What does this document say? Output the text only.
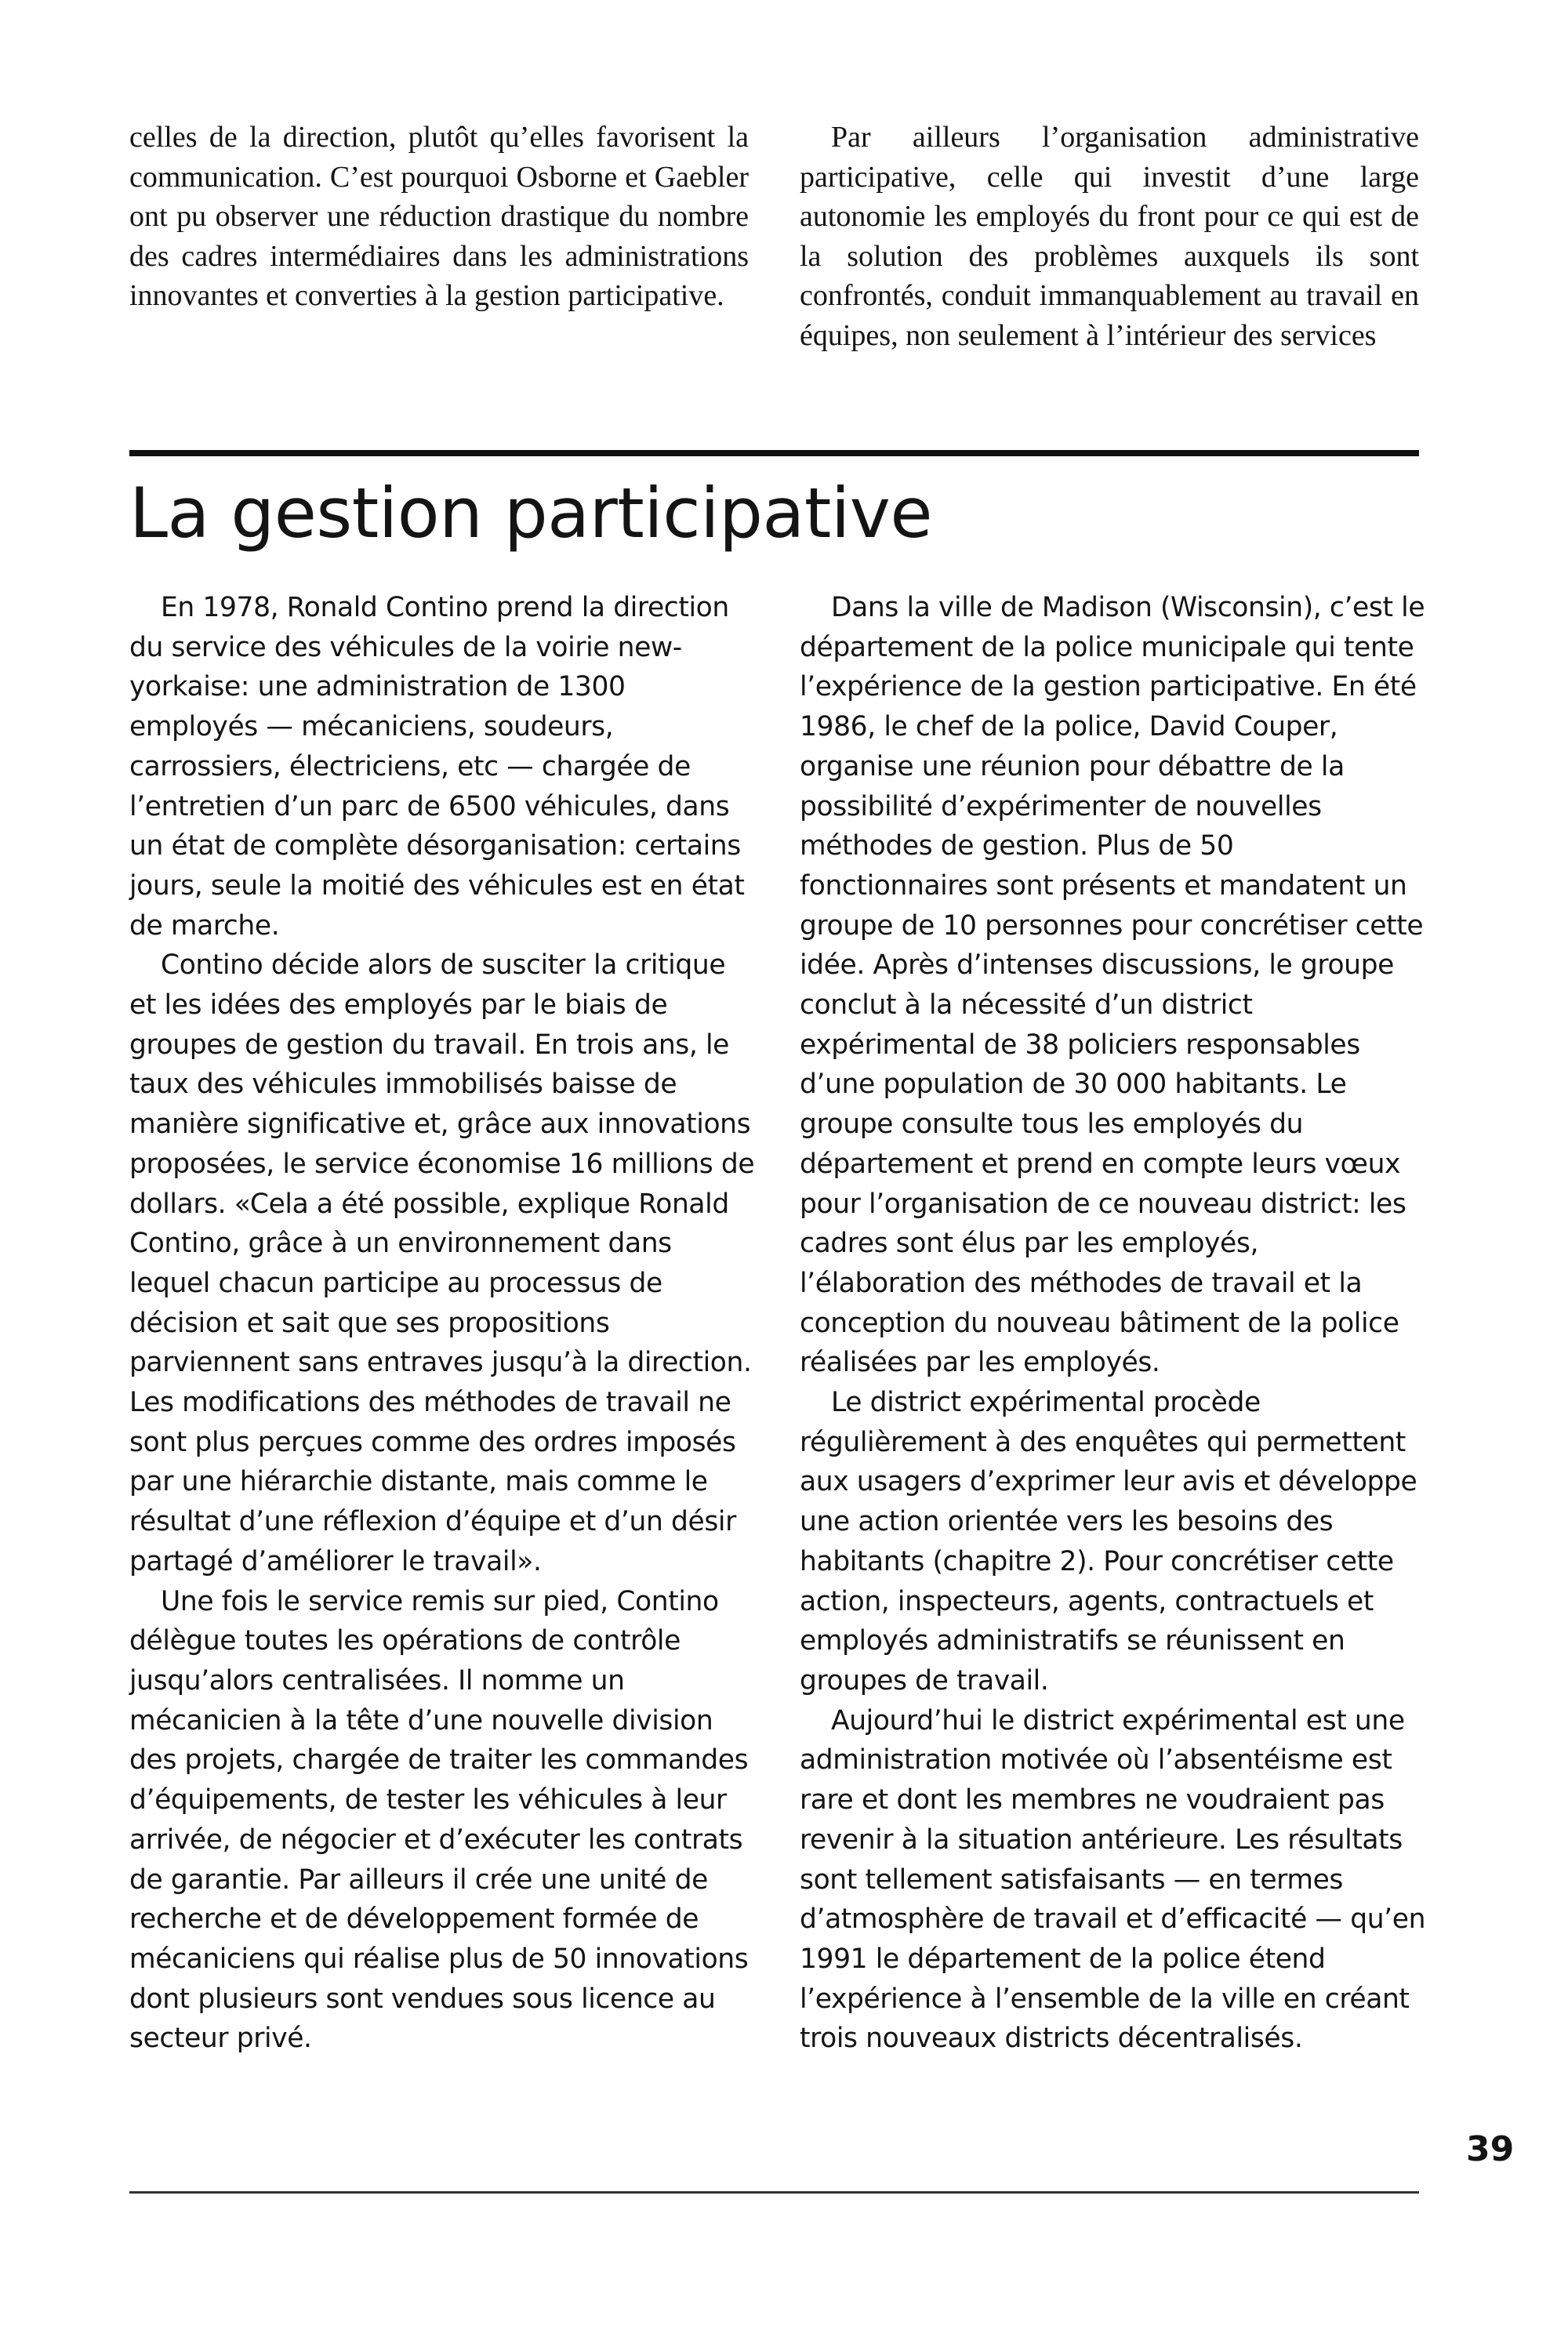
celles de la direction, plutôt qu’elles favorisent la communication. C’est pourquoi Osborne et Gaebler ont pu observer une réduction drastique du nombre des cadres intermédiaires dans les administrations innovantes et converties à la gestion participative.

Par ailleurs l’organisation administrative participative, celle qui investit d’une large autonomie les employés du front pour ce qui est de la solution des problèmes auxquels ils sont confrontés, conduit immanquablement au travail en équipes, non seulement à l’intérieur des services

La gestion participative

En 1978, Ronald Contino prend la direction du service des véhicules de la voirie new-yorkaise: une administration de 1300 employés — mécaniciens, soudeurs, carrossiers, électriciens, etc — chargée de l’entretien d’un parc de 6500 véhicules, dans un état de complète désorganisation: certains jours, seule la moitié des véhicules est en état de marche.

Contino décide alors de susciter la critique et les idées des employés par le biais de groupes de gestion du travail. En trois ans, le taux des véhicules immobilisés baisse de manière significative et, grâce aux innovations proposées, le service économise 16 millions de dollars. «Cela a été possible, explique Ronald Contino, grâce à un environnement dans lequel chacun participe au processus de décision et sait que ses propositions parviennent sans entraves jusqu’à la direction. Les modifications des méthodes de travail ne sont plus perçues comme des ordres imposés par une hiérarchie distante, mais comme le résultat d’une réflexion d’équipe et d’un désir partagé d’améliorer le travail».

Une fois le service remis sur pied, Contino délègue toutes les opérations de contrôle jusqu’alors centralisées. Il nomme un mécanicien à la tête d’une nouvelle division des projets, chargée de traiter les commandes d’équipements, de tester les véhicules à leur arrivée, de négocier et d’exécuter les contrats de garantie. Par ailleurs il crée une unité de recherche et de développement formée de mécaniciens qui réalise plus de 50 innovations dont plusieurs sont vendues sous licence au secteur privé.

Dans la ville de Madison (Wisconsin), c’est le département de la police municipale qui tente l’expérience de la gestion participative. En été 1986, le chef de la police, David Couper, organise une réunion pour débattre de la possibilité d’expérimenter de nouvelles méthodes de gestion. Plus de 50 fonctionnaires sont présents et mandatent un groupe de 10 personnes pour concrétiser cette idée. Après d’intenses discussions, le groupe conclut à la nécessité d’un district expérimental de 38 policiers responsables d’une population de 30 000 habitants. Le groupe consulte tous les employés du département et prend en compte leurs vœux pour l’organisation de ce nouveau district: les cadres sont élus par les employés, l’élaboration des méthodes de travail et la conception du nouveau bâtiment de la police réalisées par les employés.

Le district expérimental procède régulièrement à des enquêtes qui permettent aux usagers d’exprimer leur avis et développe une action orientée vers les besoins des habitants (chapitre 2). Pour concrétiser cette action, inspecteurs, agents, contractuels et employés administratifs se réunissent en groupes de travail.

Aujourd’hui le district expérimental est une administration motivée où l’absentéisme est rare et dont les membres ne voudraient pas revenir à la situation antérieure. Les résultats sont tellement satisfaisants — en termes d’atmosphère de travail et d’efficacité — qu’en 1991 le département de la police étend l’expérience à l’ensemble de la ville en créant trois nouveaux districts décentralisés.

39
